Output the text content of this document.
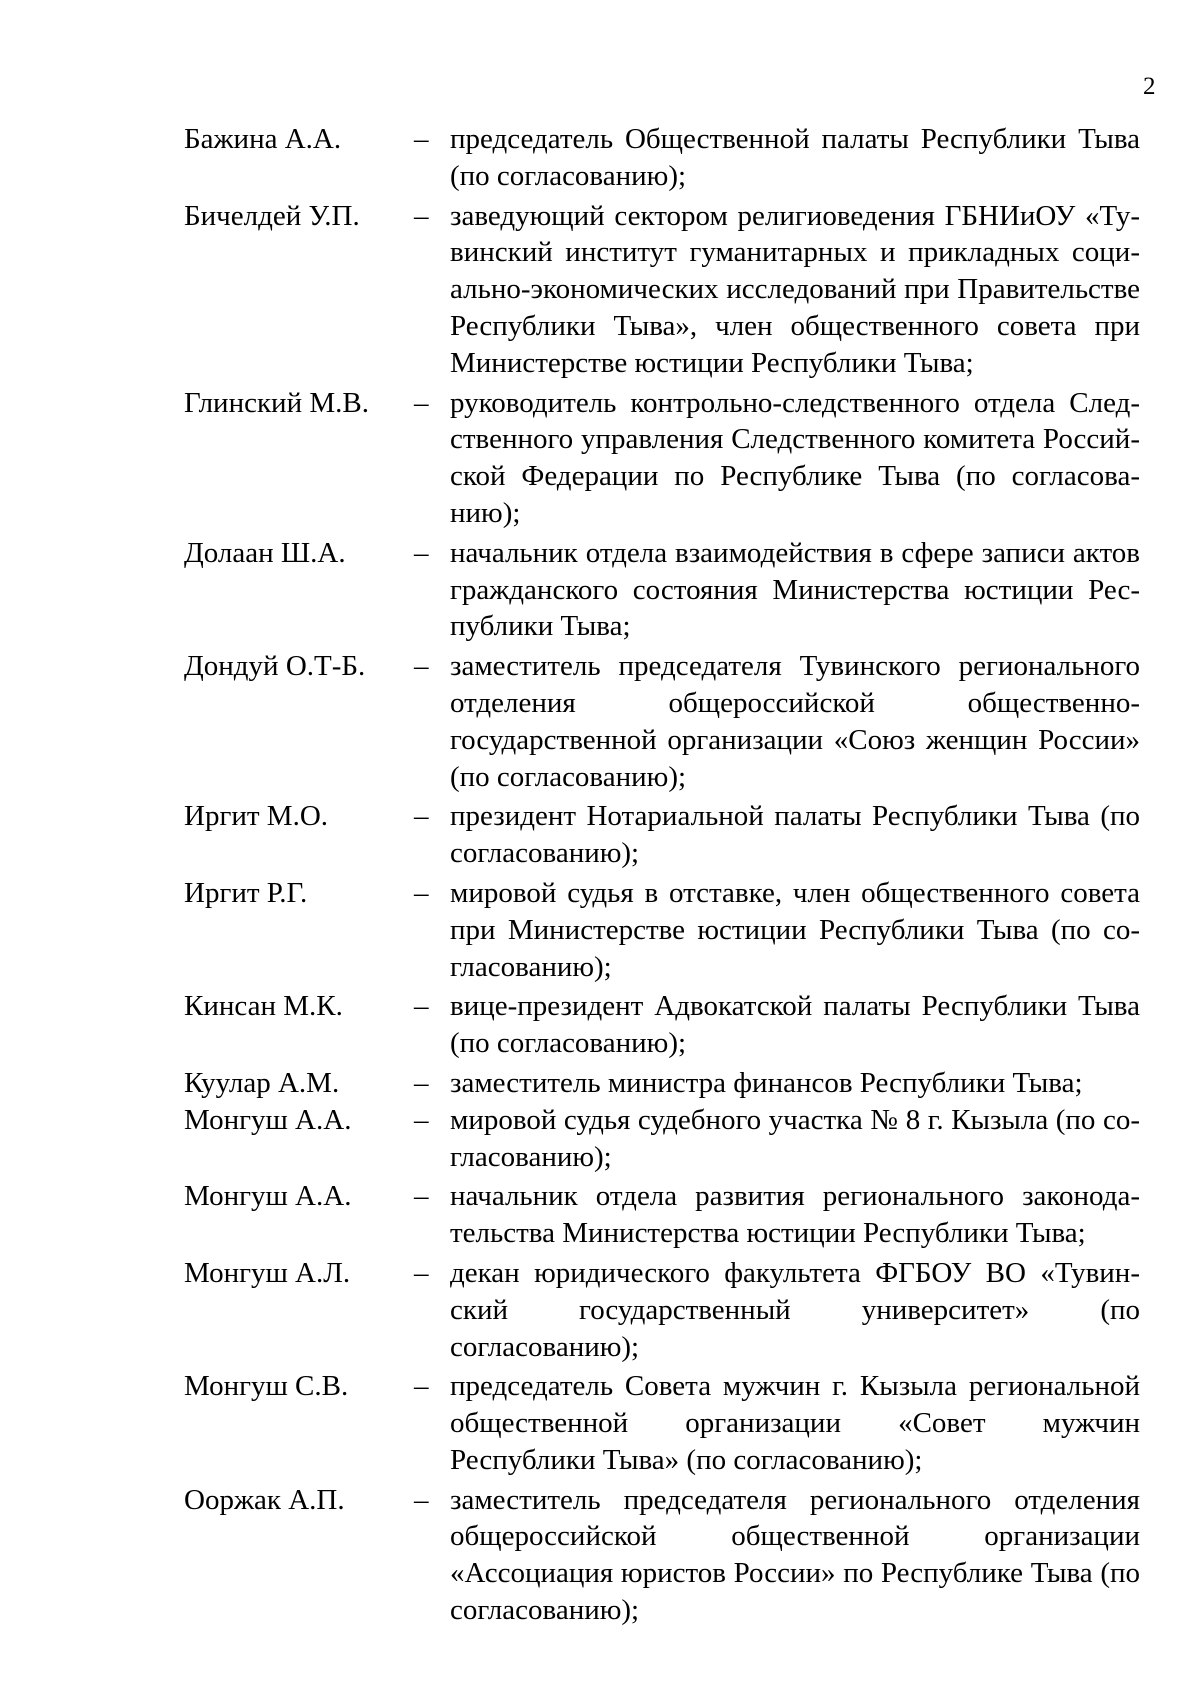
2
Бажина А.А.	– председатель Общественной палаты Республики Тыва (по согласованию);
Бичелдей У.П.	– заведующий сектором религиоведения ГБНИиОУ «Тувинский институт гуманитарных и прикладных социально-экономических исследований при Правительстве Республики Тыва», член общественного совета при Министерстве юстиции Республики Тыва;
Глинский М.В.	– руководитель контрольно-следственного отдела Следственного управления Следственного комитета Российской Федерации по Республике Тыва (по согласованию);
Долаан Ш.А.	– начальник отдела взаимодействия в сфере записи актов гражданского состояния Министерства юстиции Республики Тыва;
Дондуй О.Т-Б.	– заместитель председателя Тувинского регионального отделения общероссийской общественно-государственной организации «Союз женщин России» (по согласованию);
Иргит М.О.	– президент Нотариальной палаты Республики Тыва (по согласованию);
Иргит Р.Г.	– мировой судья в отставке, член общественного совета при Министерстве юстиции Республики Тыва (по согласованию);
Кинсан М.К.	– вице-президент Адвокатской палаты Республики Тыва (по согласованию);
Куулар А.М.	– заместитель министра финансов Республики Тыва;
Монгуш А.А.	– мировой судья судебного участка № 8 г. Кызыла (по согласованию);
Монгуш А.А.	– начальник отдела развития регионального законодательства Министерства юстиции Республики Тыва;
Монгуш А.Л.	– декан юридического факультета ФГБОУ ВО «Тувинский государственный университет» (по согласованию);
Монгуш С.В.	– председатель Совета мужчин г. Кызыла региональной общественной организации «Совет мужчин Республики Тыва» (по согласованию);
Ооржак А.П.	– заместитель председателя регионального отделения общероссийской общественной организации «Ассоциация юристов России» по Республике Тыва (по согласованию);
